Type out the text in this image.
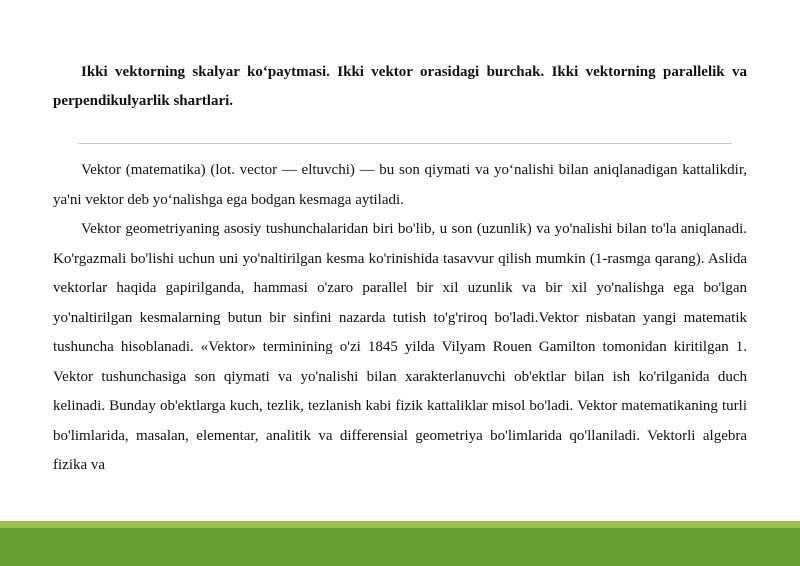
Ikki vektorning skalyar ko‘paytmasi. Ikki vektor orasidagi burchak. Ikki vektorning parallelik va perpendikulyarlik shartlari.

Vektor (matematika) (lot. vector — eltuvchi) — bu son qiymati va yo‘nalishi bilan aniqlanadigan kattalikdir, ya'ni vektor deb yo‘nalishga ega bodgan kesmaga aytiladi.

Vektor geometriyaning asosiy tushunchalaridan biri bo'lib, u son (uzunlik) va yo'nalishi bilan to'la aniqlanadi. Ko'rgazmali bo'lishi uchun uni yo'naltirilgan kesma ko'rinishida tasavvur qilish mumkin (1-rasmga qarang). Aslida vektorlar haqida gapirilganda, hammasi o'zaro parallel bir xil uzunlik va bir xil yo'nalishga ega bo'lgan yo'naltirilgan kesmalarning butun bir sinfini nazarda tutish to'g'riroq bo'ladi.Vektor nisbatan yangi matematik tushuncha hisoblanadi. «Vektor» terminining o'zi 1845 yilda Vilyam Rouen Gamilton tomonidan kiritilgan 1. Vektor tushunchasiga son qiymati va yo'nalishi bilan xarakterlanuvchi ob'ektlar bilan ish ko'rilganida duch kelinadi. Bunday ob'ektlarga kuch, tezlik, tezlanish kabi fizik kattaliklar misol bo'ladi. Vektor matematikaning turli bo'limlarida, masalan, elementar, analitik va differensial geometriya bo'limlarida qo'llaniladi. Vektorli algebra fizika va
